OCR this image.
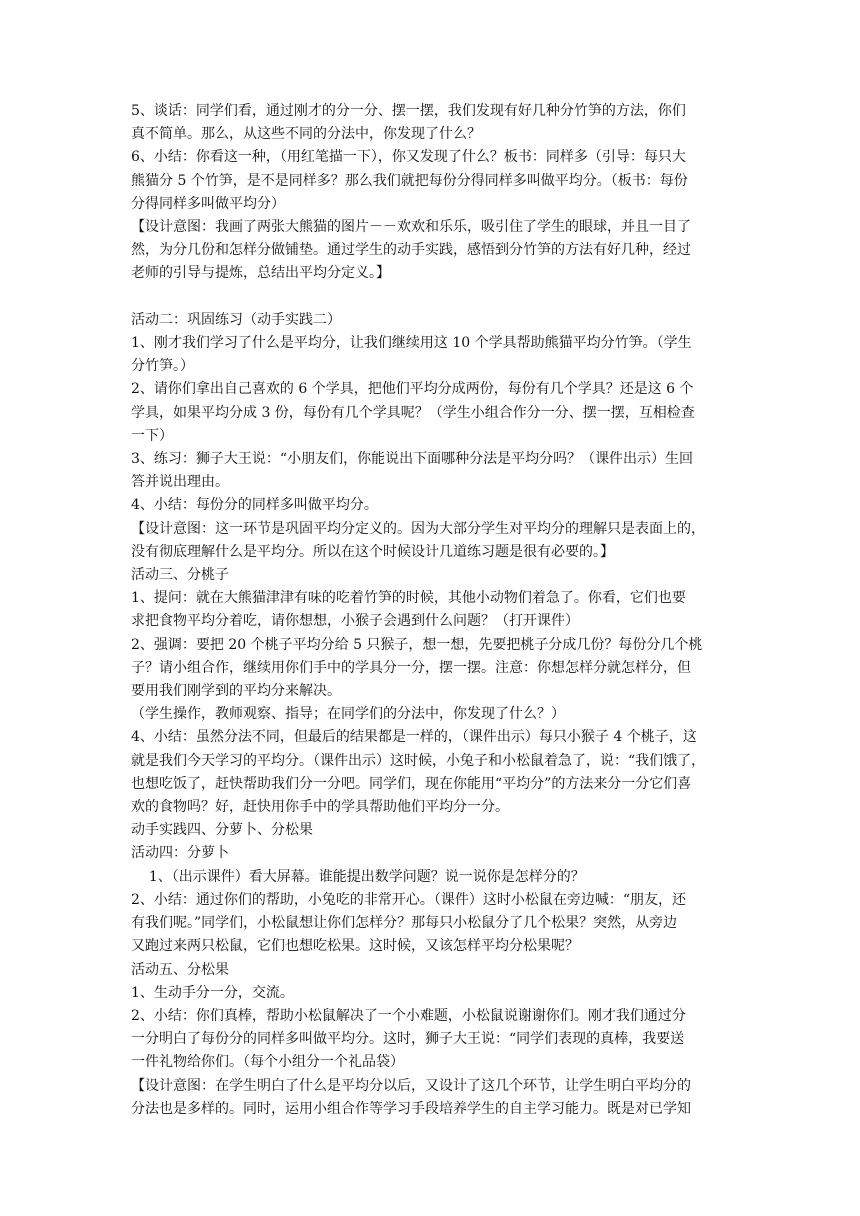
5、谈话：同学们看，通过刚才的分一分、摆一摆，我们发现有好几种分竹笋的方法，你们

真不简单。那么，从这些不同的分法中，你发现了什么？

6、小结：你看这一种，（用红笔描一下），你又发现了什么？板书：同样多（引导：每只大

熊猫分 5 个竹笋，是不是同样多？那么我们就把每份分得同样多叫做平均分。（板书：每份

分得同样多叫做平均分）

【设计意图：我画了两张大熊猫的图片－－欢欢和乐乐，吸引住了学生的眼球，并且一目了

然，为分几份和怎样分做铺垫。通过学生的动手实践，感悟到分竹笋的方法有好几种，经过

老师的引导与提炼，总结出平均分定义。】

活动二：巩固练习（动手实践二）

1、刚才我们学习了什么是平均分，让我们继续用这 10 个学具帮助熊猫平均分竹笋。（学生

分竹笋。）

2、请你们拿出自己喜欢的 6 个学具，把他们平均分成两份，每份有几个学具？还是这 6 个

学具，如果平均分成 3 份，每份有几个学具呢？（学生小组合作分一分、摆一摆，互相检查

一下）

3、练习：狮子大王说：“小朋友们，你能说出下面哪种分法是平均分吗？（课件出示）生回

答并说出理由。

4、小结：每份分的同样多叫做平均分。

【设计意图：这一环节是巩固平均分定义的。因为大部分学生对平均分的理解只是表面上的，

没有彻底理解什么是平均分。所以在这个时候设计几道练习题是很有必要的。】

活动三、分桃子

1、提问：就在大熊猫津津有味的吃着竹笋的时候，其他小动物们着急了。你看，它们也要

求把食物平均分着吃，请你想想，小猴子会遇到什么问题？（打开课件）

2、强调：要把 20 个桃子平均分给 5 只猴子，想一想，先要把桃子分成几份？每份分几个桃

子？请小组合作，继续用你们手中的学具分一分，摆一摆。注意：你想怎样分就怎样分，但

要用我们刚学到的平均分来解决。

（学生操作，教师观察、指导；在同学们的分法中，你发现了什么？）

4、小结：虽然分法不同，但最后的结果都是一样的，（课件出示）每只小猴子 4 个桃子，这

就是我们今天学习的平均分。（课件出示）这时候，小兔子和小松鼠着急了，说：“我们饿了，

也想吃饭了，赶快帮助我们分一分吧。同学们，现在你能用“平均分”的方法来分一分它们喜

欢的食物吗？好，赶快用你手中的学具帮助他们平均分一分。

动手实践四、分萝卜、分松果

活动四：分萝卜

1、（出示课件）看大屏幕。谁能提出数学问题？说一说你是怎样分的？

2、小结：通过你们的帮助，小兔吃的非常开心。（课件）这时小松鼠在旁边喊：“朋友，还

有我们呢。”同学们，小松鼠想让你们怎样分？那每只小松鼠分了几个松果？突然，从旁边

又跑过来两只松鼠，它们也想吃松果。这时候，又该怎样平均分松果呢？

活动五、分松果

1、生动手分一分，交流。

2、小结：你们真棒，帮助小松鼠解决了一个小难题，小松鼠说谢谢你们。刚才我们通过分

一分明白了每份分的同样多叫做平均分。这时，狮子大王说：“同学们表现的真棒，我要送

一件礼物给你们。（每个小组分一个礼品袋）

【设计意图：在学生明白了什么是平均分以后，又设计了这几个环节，让学生明白平均分的

分法也是多样的。同时，运用小组合作等学习手段培养学生的自主学习能力。既是对已学知
